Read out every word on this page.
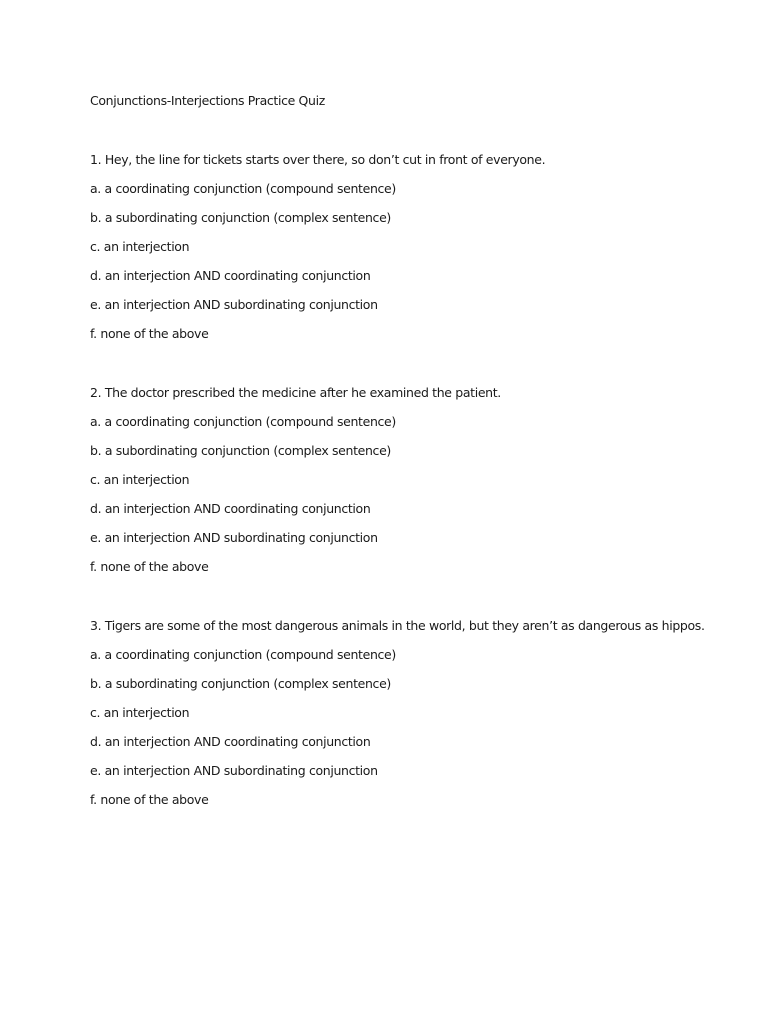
Conjunctions-Interjections Practice Quiz
1. Hey, the line for tickets starts over there, so don’t cut in front of everyone.
a. a coordinating conjunction (compound sentence)
b. a subordinating conjunction (complex sentence)
c. an interjection
d. an interjection AND coordinating conjunction
e. an interjection AND subordinating conjunction
f. none of the above
2. The doctor prescribed the medicine after he examined the patient.
a. a coordinating conjunction (compound sentence)
b. a subordinating conjunction (complex sentence)
c. an interjection
d. an interjection AND coordinating conjunction
e. an interjection AND subordinating conjunction
f. none of the above
3. Tigers are some of the most dangerous animals in the world, but they aren’t as dangerous as hippos.
a. a coordinating conjunction (compound sentence)
b. a subordinating conjunction (complex sentence)
c. an interjection
d. an interjection AND coordinating conjunction
e. an interjection AND subordinating conjunction
f. none of the above
